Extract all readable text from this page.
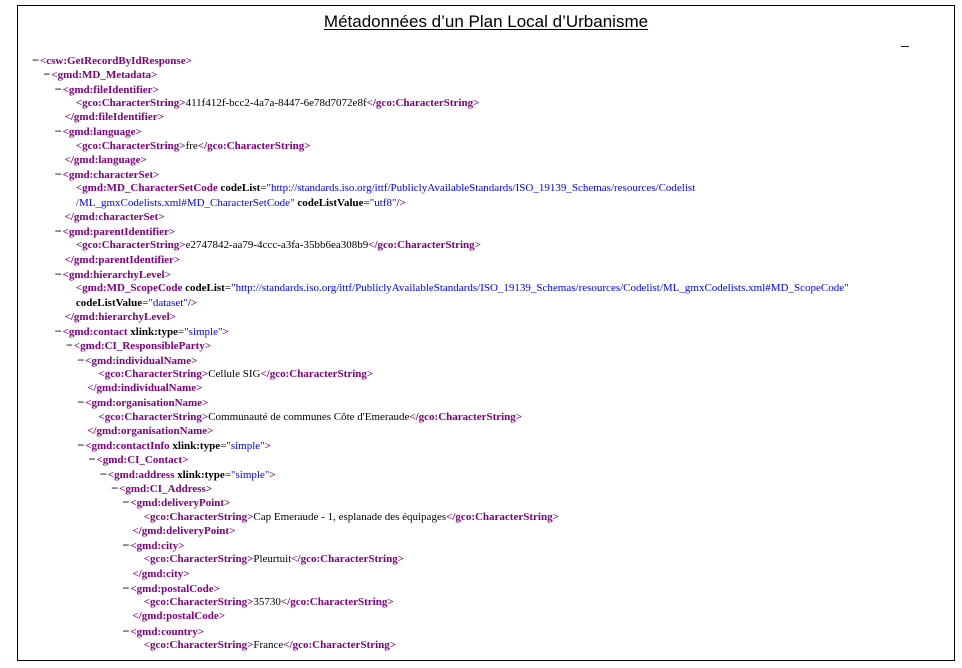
Métadonnées d’un Plan Local d’Urbanisme
_
−<csw:GetRecordByIdResponse>
−<gmd:MD_Metadata>
−<gmd:fileIdentifier>
<gco:CharacterString>411f412f-bcc2-4a7a-8447-6e78d7072e8f</gco:CharacterString>
</gmd:fileIdentifier>
−<gmd:language>
<gco:CharacterString>fre</gco:CharacterString>
</gmd:language>
−<gmd:characterSet>
<gmd:MD_CharacterSetCode codeList="http://standards.iso.org/ittf/PubliclyAvailableStandards/ISO_19139_Schemas/resources/Codelist
/ML_gmxCodelists.xml#MD_CharacterSetCode" codeListValue="utf8"/>
</gmd:characterSet>
−<gmd:parentIdentifier>
<gco:CharacterString>e2747842-aa79-4ccc-a3fa-35bb6ea308b9</gco:CharacterString>
</gmd:parentIdentifier>
−<gmd:hierarchyLevel>
<gmd:MD_ScopeCode codeList="http://standards.iso.org/ittf/PubliclyAvailableStandards/ISO_19139_Schemas/resources/Codelist/ML_gmxCodelists.xml#MD_ScopeCode"
codeListValue="dataset"/>
</gmd:hierarchyLevel>
−<gmd:contact xlink:type="simple">
−<gmd:CI_ResponsibleParty>
−<gmd:individualName>
<gco:CharacterString>Cellule SIG</gco:CharacterString>
</gmd:individualName>
−<gmd:organisationName>
<gco:CharacterString>Communauté de communes Côte d'Emeraude</gco:CharacterString>
</gmd:organisationName>
−<gmd:contactInfo xlink:type="simple">
−<gmd:CI_Contact>
−<gmd:address xlink:type="simple">
−<gmd:CI_Address>
−<gmd:deliveryPoint>
<gco:CharacterString>Cap Emeraude - 1, esplanade des équipages</gco:CharacterString>
</gmd:deliveryPoint>
−<gmd:city>
<gco:CharacterString>Pleurtuit</gco:CharacterString>
</gmd:city>
−<gmd:postalCode>
<gco:CharacterString>35730</gco:CharacterString>
</gmd:postalCode>
−<gmd:country>
<gco:CharacterString>France</gco:CharacterString>
